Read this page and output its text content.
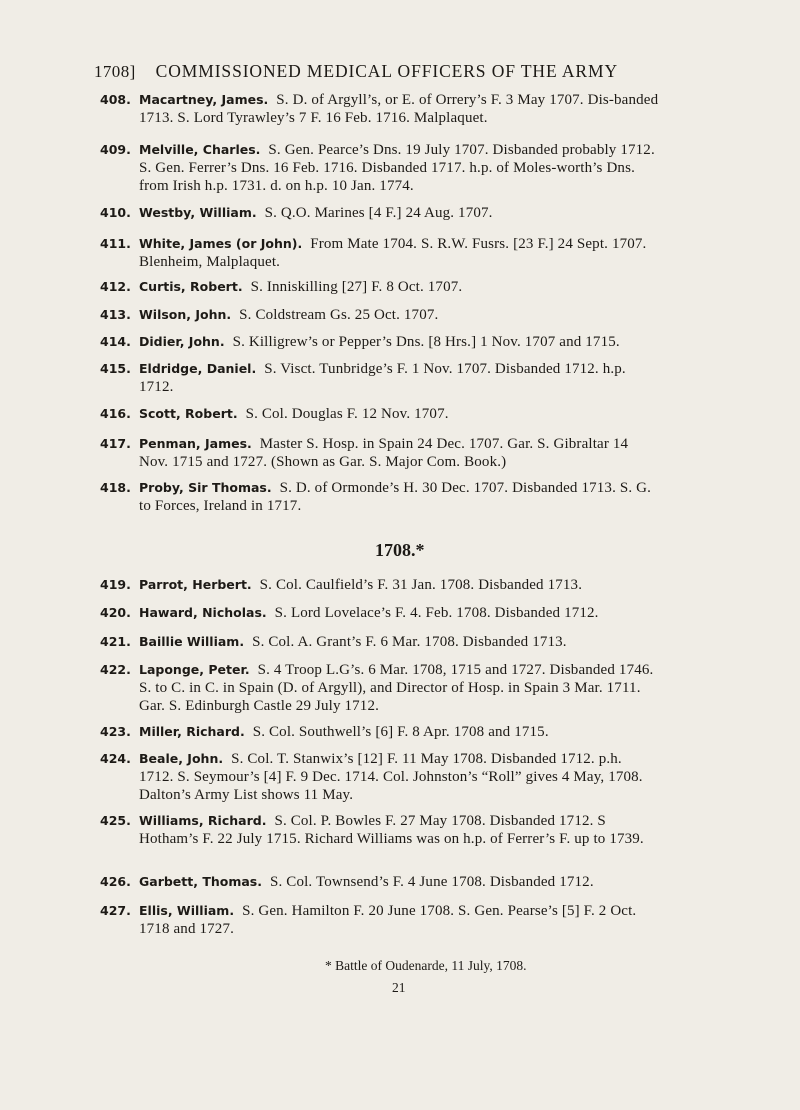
1708] COMMISSIONED MEDICAL OFFICERS OF THE ARMY
408. Macartney, James. S. D. of Argyll’s, or E. of Orrery’s F. 3 May 1707. Dis-banded 1713. S. Lord Tyrawley’s 7 F. 16 Feb. 1716. Malplaquet.
409. Melville, Charles. S. Gen. Pearce’s Dns. 19 July 1707. Disbanded probably 1712. S. Gen. Ferrer’s Dns. 16 Feb. 1716. Disbanded 1717. h.p. of Moles-worth’s Dns. from Irish h.p. 1731. d. on h.p. 10 Jan. 1774.
410. Westby, William. S. Q.O. Marines [4 F.] 24 Aug. 1707.
411. White, James (or John). From Mate 1704. S. R.W. Fusrs. [23 F.] 24 Sept. 1707. Blenheim, Malplaquet.
412. Curtis, Robert. S. Inniskilling [27] F. 8 Oct. 1707.
413. Wilson, John. S. Coldstream Gs. 25 Oct. 1707.
414. Didier, John. S. Killigrew’s or Pepper’s Dns. [8 Hrs.] 1 Nov. 1707 and 1715.
415. Eldridge, Daniel. S. Visct. Tunbridge’s F. 1 Nov. 1707. Disbanded 1712. h.p. 1712.
416. Scott, Robert. S. Col. Douglas F. 12 Nov. 1707.
417. Penman, James. Master S. Hosp. in Spain 24 Dec. 1707. Gar. S. Gibraltar 14 Nov. 1715 and 1727. (Shown as Gar. S. Major Com. Book.)
418. Proby, Sir Thomas. S. D. of Ormonde’s H. 30 Dec. 1707. Disbanded 1713. S. G. to Forces, Ireland in 1717.
1708.*
419. Parrot, Herbert. S. Col. Caulfield’s F. 31 Jan. 1708. Disbanded 1713.
420. Haward, Nicholas. S. Lord Lovelace’s F. 4. Feb. 1708. Disbanded 1712.
421. Baillie William. S. Col. A. Grant’s F. 6 Mar. 1708. Disbanded 1713.
422. Laponge, Peter. S. 4 Troop L.G’s. 6 Mar. 1708, 1715 and 1727. Disbanded 1746. S. to C. in C. in Spain (D. of Argyll), and Director of Hosp. in Spain 3 Mar. 1711. Gar. S. Edinburgh Castle 29 July 1712.
423. Miller, Richard. S. Col. Southwell’s [6] F. 8 Apr. 1708 and 1715.
424. Beale, John. S. Col. T. Stanwix’s [12] F. 11 May 1708. Disbanded 1712. p.h. 1712. S. Seymour’s [4] F. 9 Dec. 1714. Col. Johnston’s “Roll” gives 4 May, 1708. Dalton’s Army List shows 11 May.
425. Williams, Richard. S. Col. P. Bowles F. 27 May 1708. Disbanded 1712. S Hotham’s F. 22 July 1715. Richard Williams was on h.p. of Ferrer’s F. up to 1739.
426. Garbett, Thomas. S. Col. Townsend’s F. 4 June 1708. Disbanded 1712.
427. Ellis, William. S. Gen. Hamilton F. 20 June 1708. S. Gen. Pearse’s [5] F. 2 Oct. 1718 and 1727.
* Battle of Oudenarde, 11 July, 1708.
21
